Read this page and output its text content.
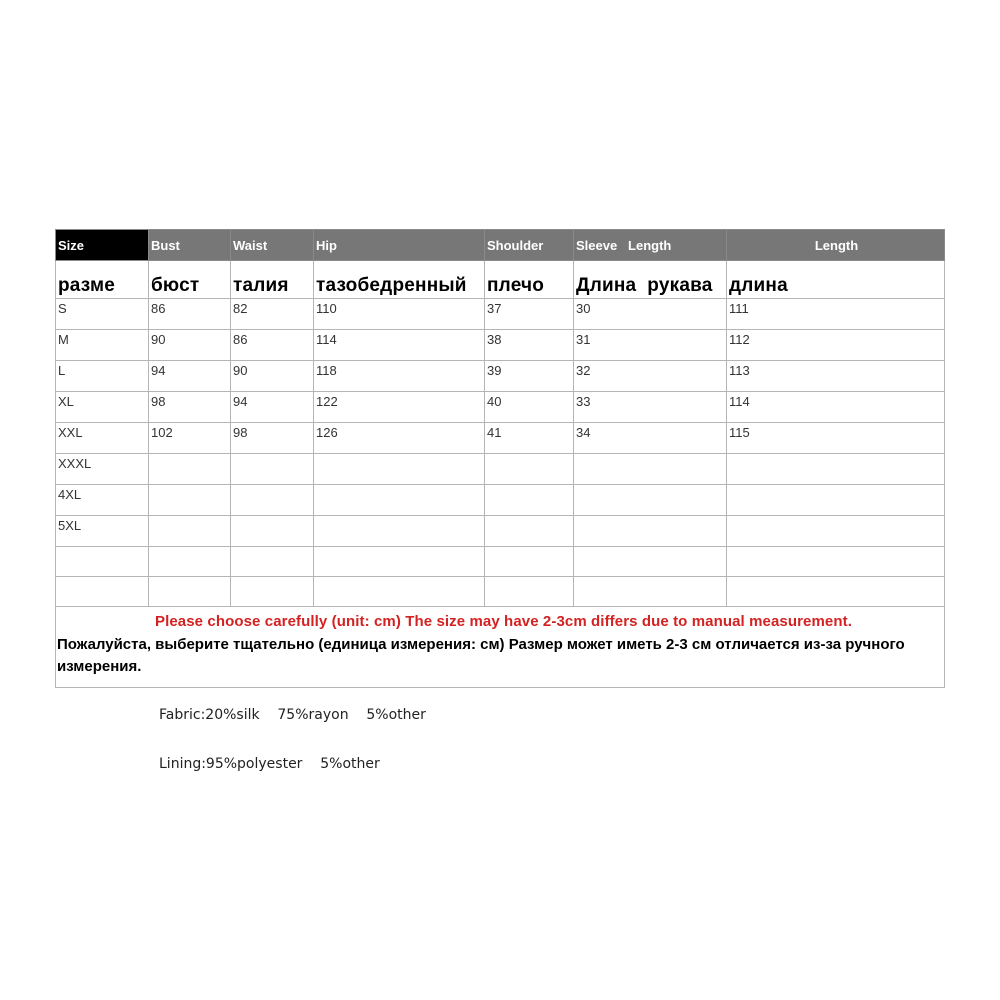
Size	Bust	Waist	Hip	Shoulder	Sleeve   Length	Length
разме	бюст	талия	тазобедренный	плечо	Длина  рукава	длина
S	86	82	110	37	30	111
M	90	86	114	38	31	112
L	94	90	118	39	32	113
XL	98	94	122	40	33	114
XXL	102	98	126	41	34	115
XXXL						
4XL						
5XL						

Please choose carefully (unit: cm) The size may have 2-3cm differs due to manual measurement.
Пожалуйста, выберите тщательно (единица измерения: см) Размер может иметь 2-3 см отличается из-за ручного измерения.						
Fabric:20%silk    75%rayon    5%other
Lining:95%polyester    5%other
